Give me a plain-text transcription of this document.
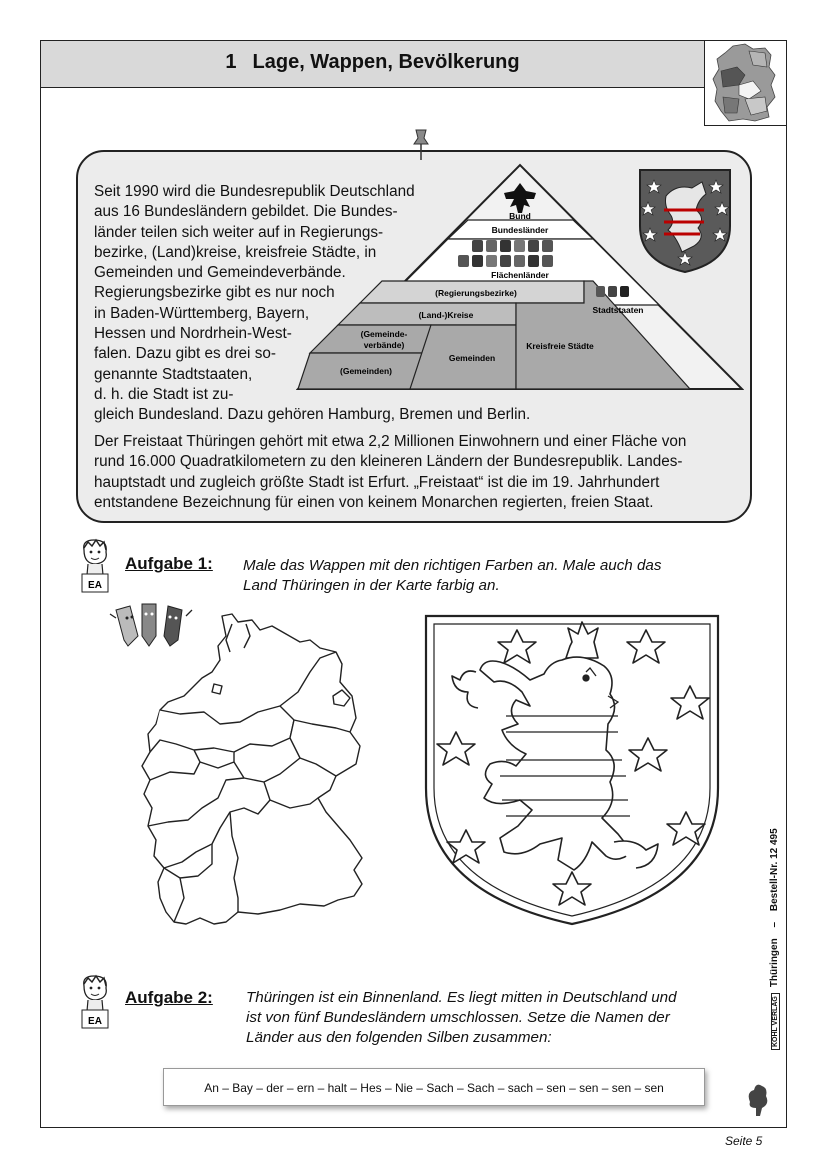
1 Lage, Wappen, Bevölkerung
Bund
Bundesländer
Flächenländer
(Regierungsbezirke)
Stadtstaaten
(Land-)Kreise
(Gemeinde-
verbände)
(Gemeinden)
Gemeinden
Kreisfreie Städte
Seit 1990 wird die Bundesrepublik Deutschland
aus 16 Bundesländern gebildet. Die Bundes-
länder teilen sich weiter auf in Regierungs-
bezirke, (Land)kreise, kreisfreie Städte, in
Gemeinden und Gemeindeverbände.
Regierungsbezirke gibt es nur noch
in Baden-Württemberg, Bayern,
Hessen und Nordrhein-West-
falen. Dazu gibt es drei so-
genannte Stadtstaaten,
d. h. die Stadt ist zu-
gleich Bundesland. Dazu gehören Hamburg, Bremen und Berlin.
Der Freistaat Thüringen gehört mit etwa 2,2 Millionen Einwohnern und einer Fläche von
rund 16.000 Quadratkilometern zu den kleineren Ländern der Bundesrepublik. Landes-
hauptstadt und zugleich größte Stadt ist Erfurt. „Freistaat“ ist die im 19. Jahrhundert
entstandene Bezeichnung für einen von keinem Monarchen regierten, freien Staat.
EA
Aufgabe 1: Male das Wappen mit den richtigen Farben an. Male auch das
Land Thüringen in der Karte farbig an.
EA
Aufgabe 2: Thüringen ist ein Binnenland. Es liegt mitten in Deutschland und
ist von fünf Bundesländern umschlossen. Setze die Namen der
Länder aus den folgenden Silben zusammen:
An – Bay – der – ern – halt – Hes – Nie – Sach – Sach – sach – sen – sen – sen – sen
KOHL VERLAGThüringen – Bestell-Nr. 12 495
Seite 5
